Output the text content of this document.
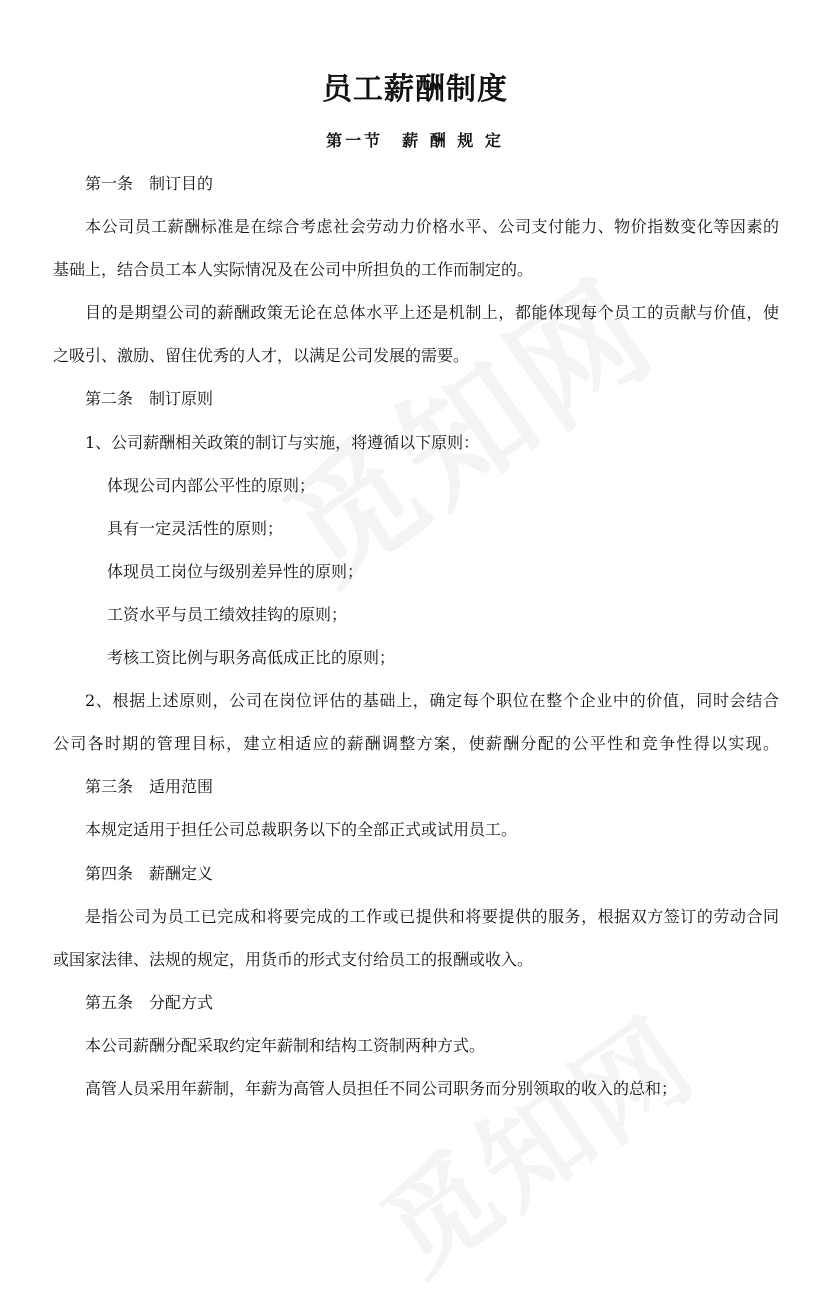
员工薪酬制度
第一节　薪 酬 规 定
第一条　制订目的
本公司员工薪酬标准是在综合考虑社会劳动力价格水平、公司支付能力、物价指数变化等因素的
基础上，结合员工本人实际情况及在公司中所担负的工作而制定的。
目的是期望公司的薪酬政策无论在总体水平上还是机制上，都能体现每个员工的贡献与价值，使
之吸引、激励、留住优秀的人才，以满足公司发展的需要。
第二条　制订原则
1、公司薪酬相关政策的制订与实施，将遵循以下原则：
体现公司内部公平性的原则；
具有一定灵活性的原则；
体现员工岗位与级别差异性的原则；
工资水平与员工绩效挂钩的原则；
考核工资比例与职务高低成正比的原则；
2、根据上述原则，公司在岗位评估的基础上，确定每个职位在整个企业中的价值，同时会结合
公司各时期的管理目标，建立相适应的薪酬调整方案，使薪酬分配的公平性和竞争性得以实现。
第三条　适用范围
本规定适用于担任公司总裁职务以下的全部正式或试用员工。
第四条　薪酬定义
是指公司为员工已完成和将要完成的工作或已提供和将要提供的服务，根据双方签订的劳动合同
或国家法律、法规的规定，用货币的形式支付给员工的报酬或收入。
第五条　分配方式
本公司薪酬分配采取约定年薪制和结构工资制两种方式。
高管人员采用年薪制，年薪为高管人员担任不同公司职务而分别领取的收入的总和；
